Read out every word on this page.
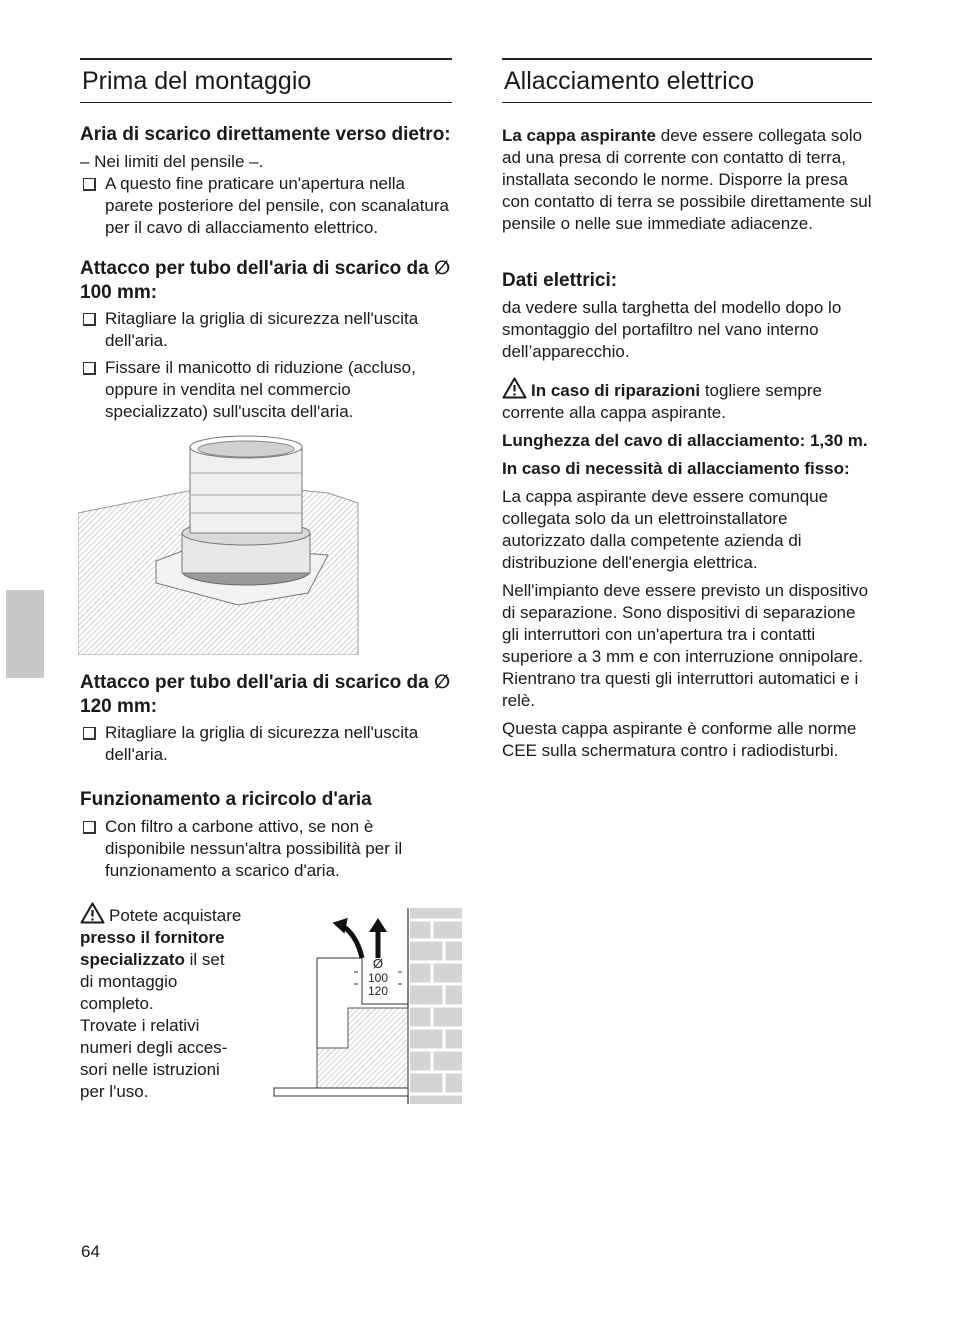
Prima del montaggio
Aria di scarico direttamente verso dietro:

– Nei limiti del pensile –.

A questo fine praticare un'apertura nella parete posteriore del pensile, con scanalatura per il cavo di allacciamento elettrico.
Attacco per tubo dell'aria di scarico da ∅ 100 mm:
Ritagliare la griglia di sicurezza nell'uscita dell'aria.
Fissare il manicotto di riduzione (accluso, oppure in vendita nel commercio specializzato) sull'uscita dell'aria.
Attacco per tubo dell'aria di scarico da ∅ 120 mm:
Ritagliare la griglia di sicurezza nell'uscita dell'aria.
Funzionamento a ricircolo d'aria
Con filtro a carbone attivo, se non è disponibile nessun'altra possibilità per il funzionamento a scarico d'aria.
Potete acquistare
presso il fornitore
specializzato il set
di montaggio
completo.
Trovate i relativi
numeri degli acces-
sori nelle istruzioni
per l'uso.
Ø
100
120
Allacciamento elettrico

La cappa aspirante deve essere collegata solo ad una presa di corrente con contatto di terra, installata secondo le norme. Disporre la presa con contatto di terra se possibile direttamente sul pensile o nelle sue immediate adiacenze.

Dati elettrici:

da vedere sulla targhetta del modello dopo lo smontaggio del portafiltro nel vano interno dell’apparecchio.

In caso di riparazioni togliere sempre corrente alla cappa aspirante.

Lunghezza del cavo di allacciamento: 1,30 m.

In caso di necessità di allacciamento fisso:

La cappa aspirante deve essere comunque collegata solo da un elettroinstallatore autorizzato dalla competente azienda di distribuzione dell'energia elettrica.

Nell'impianto deve essere previsto un dispositivo di separazione. Sono dispositivi di separazione gli interruttori con un'apertura tra i contatti superiore a 3 mm e con interruzione onnipolare. Rientrano tra questi gli interruttori automatici e i relè.

Questa cappa aspirante è conforme alle norme CEE sulla schermatura contro i radiodisturbi.

64
